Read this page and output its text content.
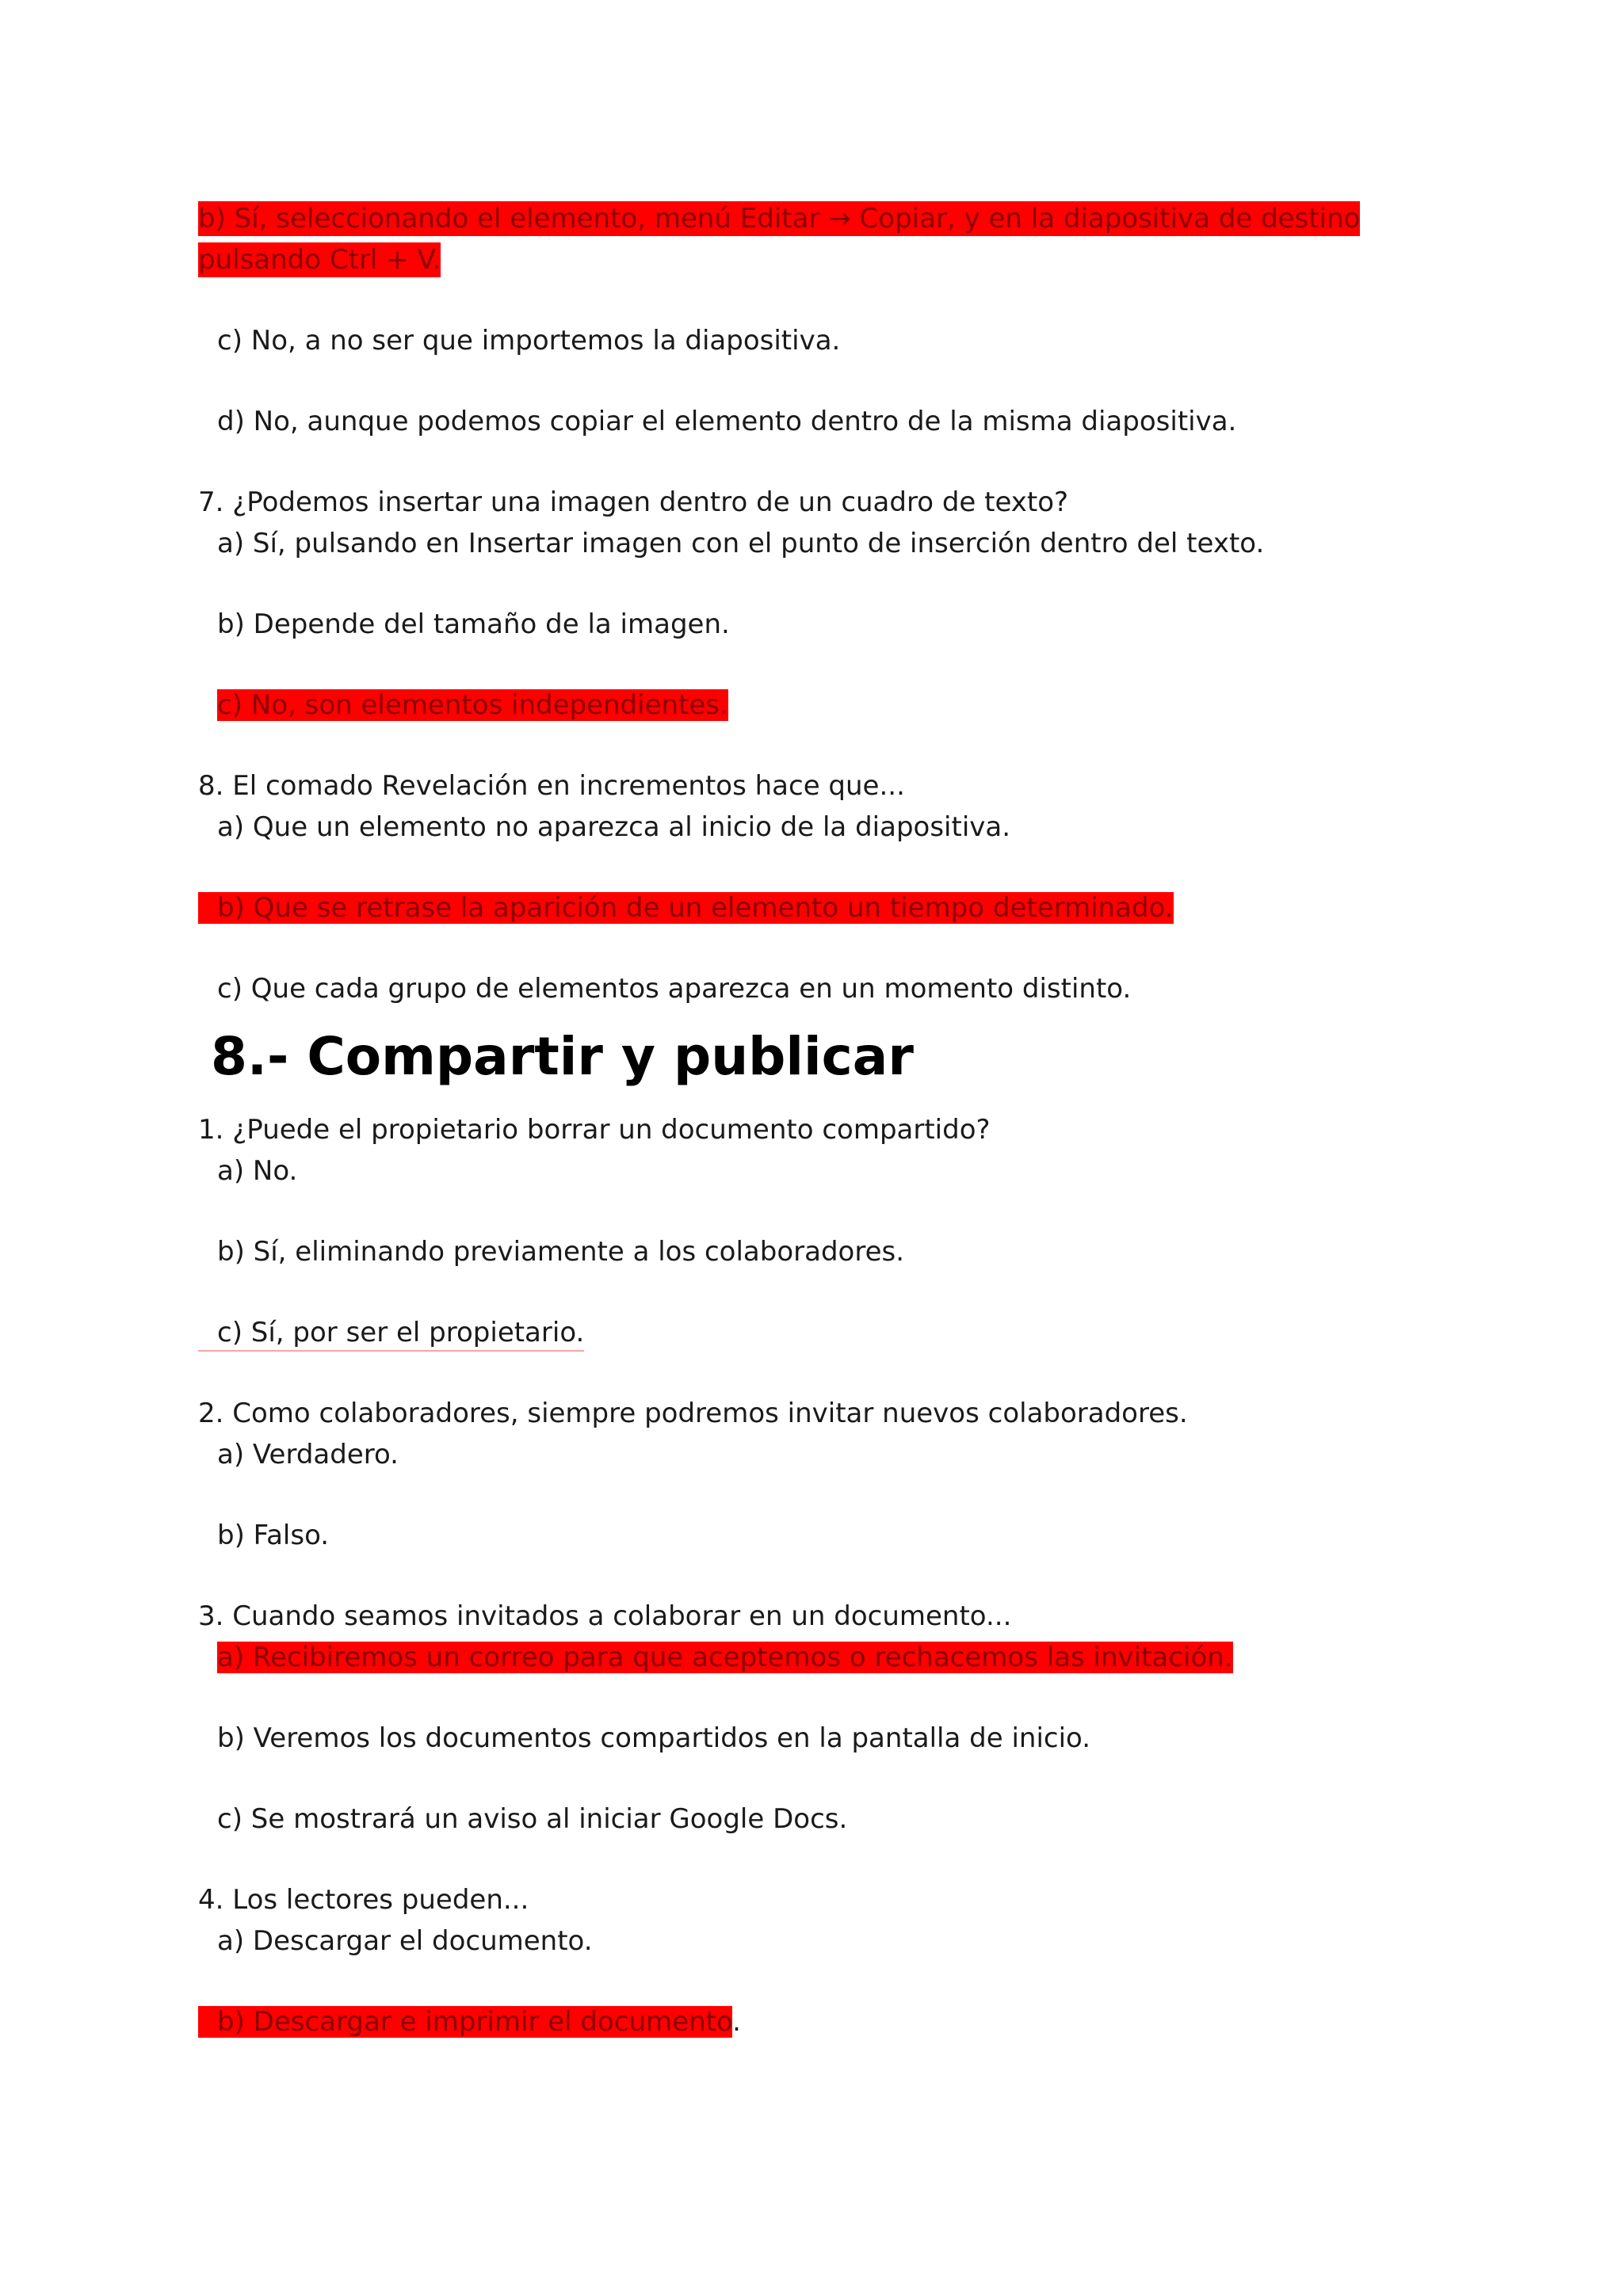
b) Sí, seleccionando el elemento, menú Editar → Copiar, y en la diapositiva de destino pulsando Ctrl + V.
c) No, a no ser que importemos la diapositiva.
d) No, aunque podemos copiar el elemento dentro de la misma diapositiva.
7. ¿Podemos insertar una imagen dentro de un cuadro de texto?
a) Sí, pulsando en Insertar imagen con el punto de inserción dentro del texto.
b) Depende del tamaño de la imagen.
c) No, son elementos independientes.
8. El comado Revelación en incrementos hace que...
a) Que un elemento no aparezca al inicio de la diapositiva.
b) Que se retrase la aparición de un elemento un tiempo determinado.
c) Que cada grupo de elementos aparezca en un momento distinto.
8.- Compartir y publicar
1. ¿Puede el propietario borrar un documento compartido?
a) No.
b) Sí, eliminando previamente a los colaboradores.
c) Sí, por ser el propietario.
2. Como colaboradores, siempre podremos invitar nuevos colaboradores.
a) Verdadero.
b) Falso.
3. Cuando seamos invitados a colaborar en un documento...
a) Recibiremos un correo para que aceptemos o rechacemos las invitación.
b) Veremos los documentos compartidos en la pantalla de inicio.
c) Se mostrará un aviso al iniciar Google Docs.
4. Los lectores pueden...
a) Descargar el documento.
b) Descargar e imprimir el documento.
